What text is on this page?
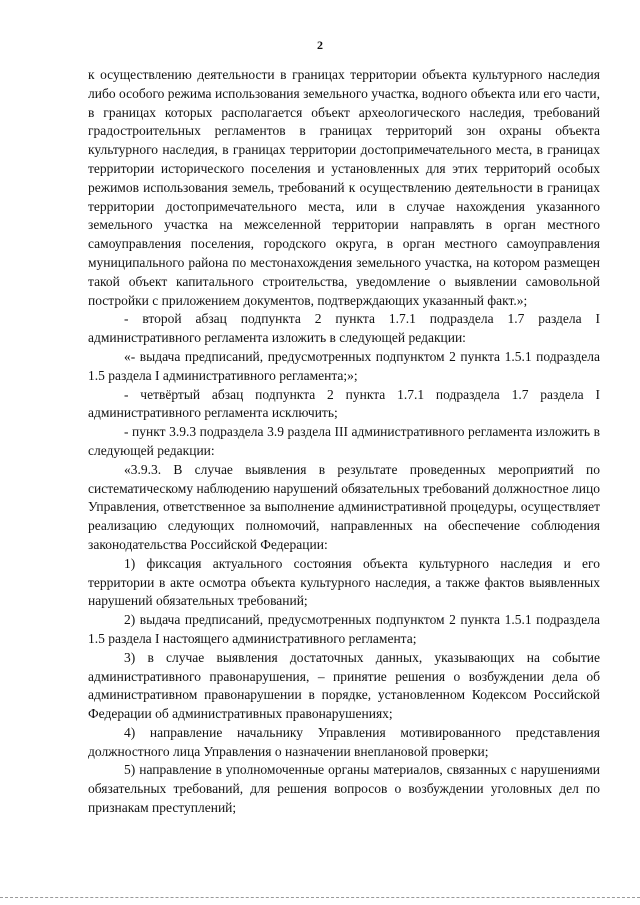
2

к осуществлению деятельности в границах территории объекта культурного наследия либо особого режима использования земельного участка, водного объекта или его части, в границах которых располагается объект археологического наследия, требований градостроительных регламентов в границах территорий зон охраны объекта культурного наследия, в границах территории достопримечательного места, в границах территории исторического поселения и установленных для этих территорий особых режимов использования земель, требований к осуществлению деятельности в границах территории достопримечательного места, или в случае нахождения указанного земельного участка на межселенной территории направлять в орган местного самоуправления поселения, городского округа, в орган местного самоуправления муниципального района по местонахождения земельного участка, на котором размещен такой объект капитального строительства, уведомление о выявлении самовольной постройки с приложением документов, подтверждающих указанный факт.»;

- второй абзац подпункта 2 пункта 1.7.1 подраздела 1.7 раздела I административного регламента изложить в следующей редакции:

«- выдача предписаний, предусмотренных подпунктом 2 пункта 1.5.1 подраздела 1.5 раздела I административного регламента;»;

- четвёртый абзац подпункта 2 пункта 1.7.1 подраздела 1.7 раздела I административного регламента исключить;

- пункт 3.9.3 подраздела 3.9 раздела III административного регламента изложить в следующей редакции:

«3.9.3. В случае выявления в результате проведенных мероприятий по систематическому наблюдению нарушений обязательных требований должностное лицо Управления, ответственное за выполнение административной процедуры, осуществляет реализацию следующих полномочий, направленных на обеспечение соблюдения законодательства Российской Федерации:

1) фиксация актуального состояния объекта культурного наследия и его территории в акте осмотра объекта культурного наследия, а также фактов выявленных нарушений обязательных требований;

2) выдача предписаний, предусмотренных подпунктом 2 пункта 1.5.1 подраздела 1.5 раздела I настоящего административного регламента;

3) в случае выявления достаточных данных, указывающих на событие административного правонарушения, – принятие решения о возбуждении дела об административном правонарушении в порядке, установленном Кодексом Российской Федерации об административных правонарушениях;

4) направление начальнику Управления мотивированного представления должностного лица Управления о назначении внеплановой проверки;

5) направление в уполномоченные органы материалов, связанных с нарушениями обязательных требований, для решения вопросов о возбуждении уголовных дел по признакам преступлений;
